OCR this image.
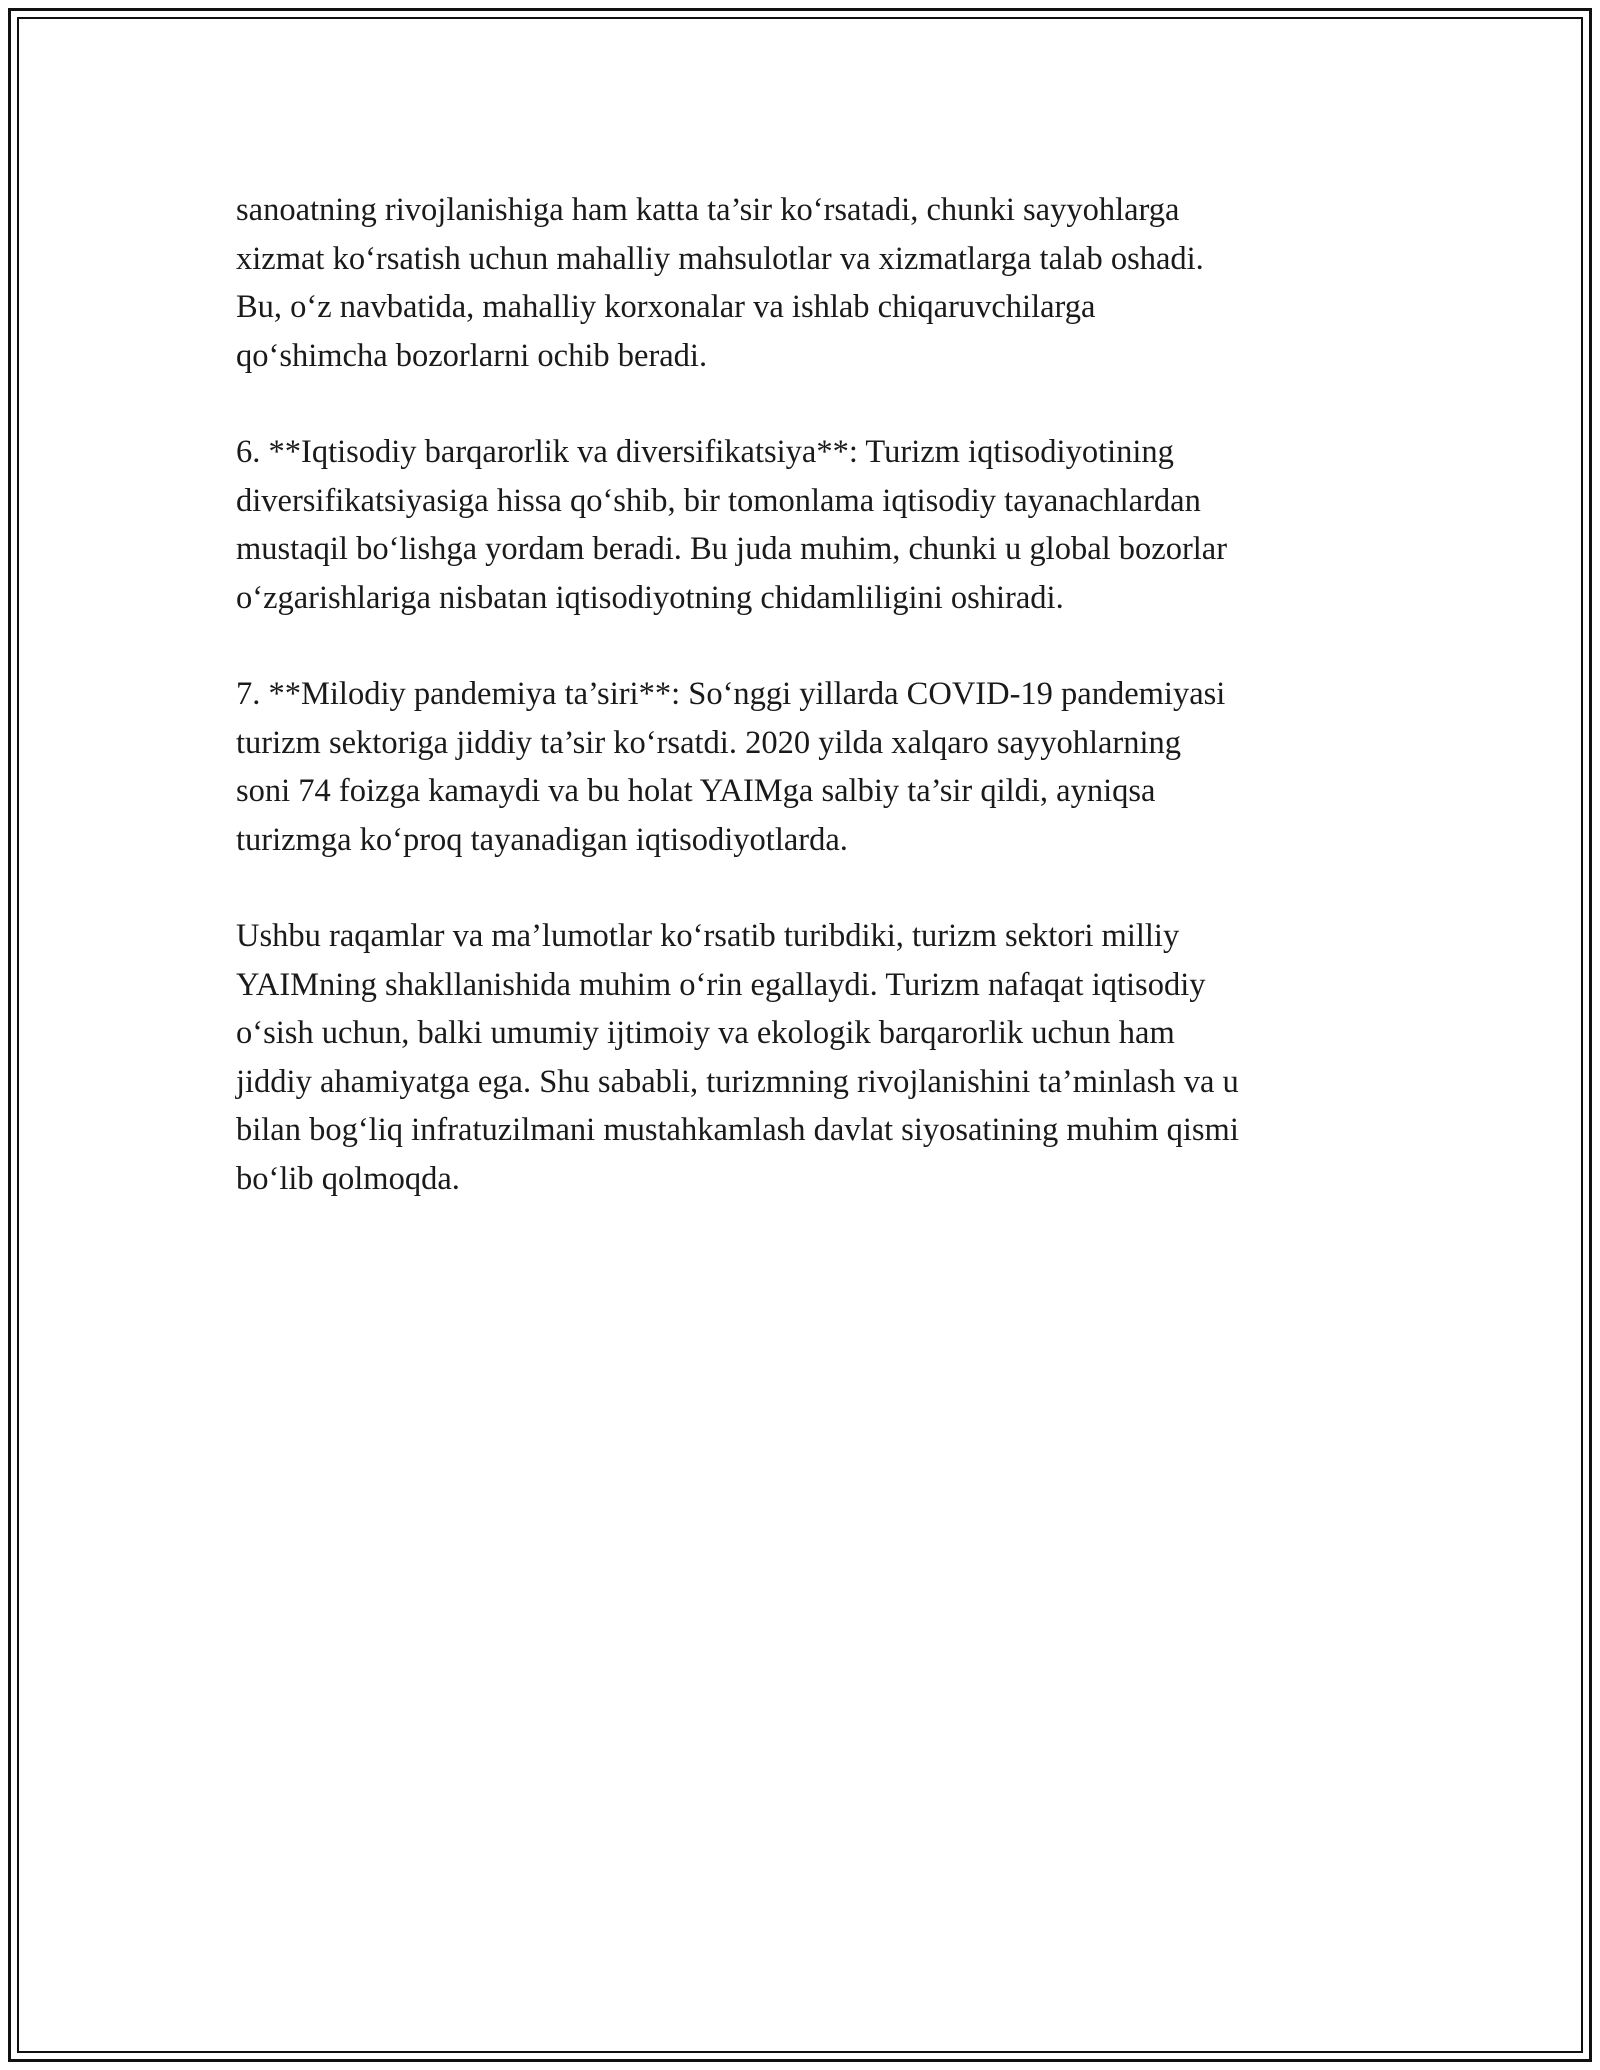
sanoatning rivojlanishiga ham katta ta’sir ko‘rsatadi, chunki sayyohlarga
xizmat ko‘rsatish uchun mahalliy mahsulotlar va xizmatlarga talab oshadi.
Bu, o‘z navbatida, mahalliy korxonalar va ishlab chiqaruvchilarga
qo‘shimcha bozorlarni ochib beradi.

6. **Iqtisodiy barqarorlik va diversifikatsiya**: Turizm iqtisodiyotining
diversifikatsiyasiga hissa qo‘shib, bir tomonlama iqtisodiy tayanachlardan
mustaqil bo‘lishga yordam beradi. Bu juda muhim, chunki u global bozorlar
o‘zgarishlariga nisbatan iqtisodiyotning chidamliligini oshiradi.

7. **Milodiy pandemiya ta’siri**: So‘nggi yillarda COVID-19 pandemiyasi
turizm sektoriga jiddiy ta’sir ko‘rsatdi. 2020 yilda xalqaro sayyohlarning
soni 74 foizga kamaydi va bu holat YAIMga salbiy ta’sir qildi, ayniqsa
turizmga ko‘proq tayanadigan iqtisodiyotlarda.

Ushbu raqamlar va ma’lumotlar ko‘rsatib turibdiki, turizm sektori milliy
YAIMning shakllanishida muhim o‘rin egallaydi. Turizm nafaqat iqtisodiy
o‘sish uchun, balki umumiy ijtimoiy va ekologik barqarorlik uchun ham
jiddiy ahamiyatga ega. Shu sababli, turizmning rivojlanishini ta’minlash va u
bilan bog‘liq infratuzilmani mustahkamlash davlat siyosatining muhim qismi
bo‘lib qolmoqda.
